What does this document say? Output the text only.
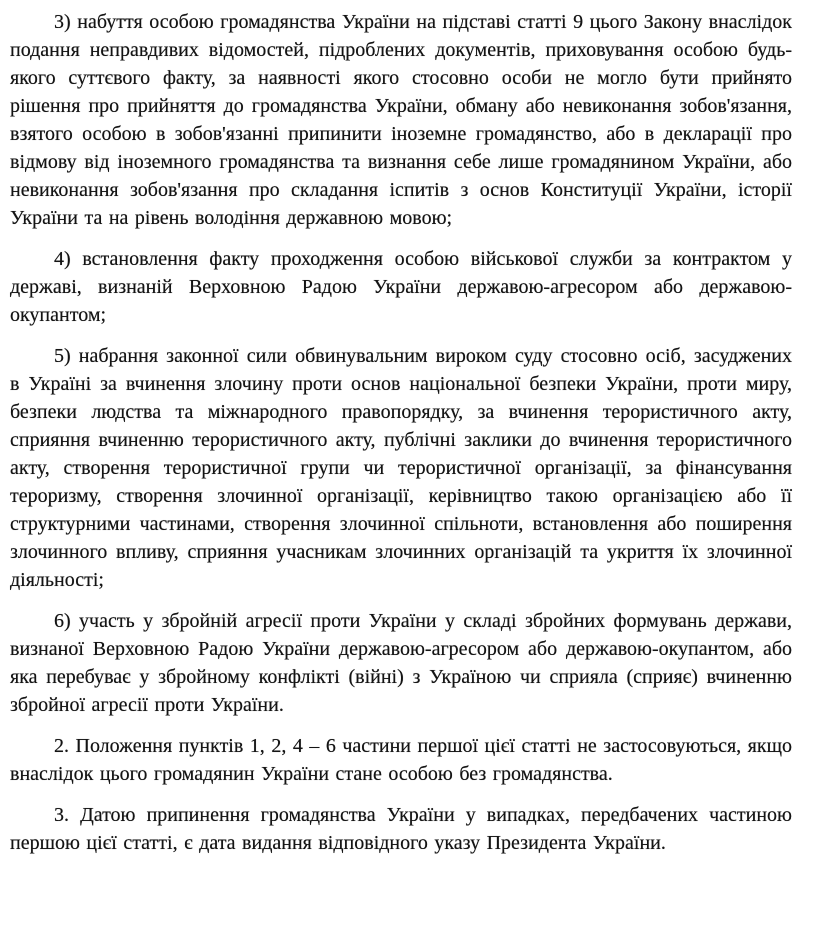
3) набуття особою громадянства України на підставі статті 9 цього Закону внаслідок подання неправдивих відомостей, підроблених документів, приховування особою будь-якого суттєвого факту, за наявності якого стосовно особи не могло бути прийнято рішення про прийняття до громадянства України, обману або невиконання зобов'язання, взятого особою в зобов'язанні припинити іноземне громадянство, або в декларації про відмову від іноземного громадянства та визнання себе лише громадянином України, або невиконання зобов'язання про складання іспитів з основ Конституції України, історії України та на рівень володіння державною мовою;

4) встановлення факту проходження особою військової служби за контрактом у державі, визнаній Верховною Радою України державою-агресором або державою-окупантом;

5) набрання законної сили обвинувальним вироком суду стосовно осіб, засуджених в Україні за вчинення злочину проти основ національної безпеки України, проти миру, безпеки людства та міжнародного правопорядку, за вчинення терористичного акту, сприяння вчиненню терористичного акту, публічні заклики до вчинення терористичного акту, створення терористичної групи чи терористичної організації, за фінансування тероризму, створення злочинної організації, керівництво такою організацією або її структурними частинами, створення злочинної спільноти, встановлення або поширення злочинного впливу, сприяння учасникам злочинних організацій та укриття їх злочинної діяльності;

6) участь у збройній агресії проти України у складі збройних формувань держави, визнаної Верховною Радою України державою-агресором або державою-окупантом, або яка перебуває у збройному конфлікті (війні) з Україною чи сприяла (сприяє) вчиненню збройної агресії проти України.

2. Положення пунктів 1, 2, 4 – 6 частини першої цієї статті не застосовуються, якщо внаслідок цього громадянин України стане особою без громадянства.

3. Датою припинення громадянства України у випадках, передбачених частиною першою цієї статті, є дата видання відповідного указу Президента України.
